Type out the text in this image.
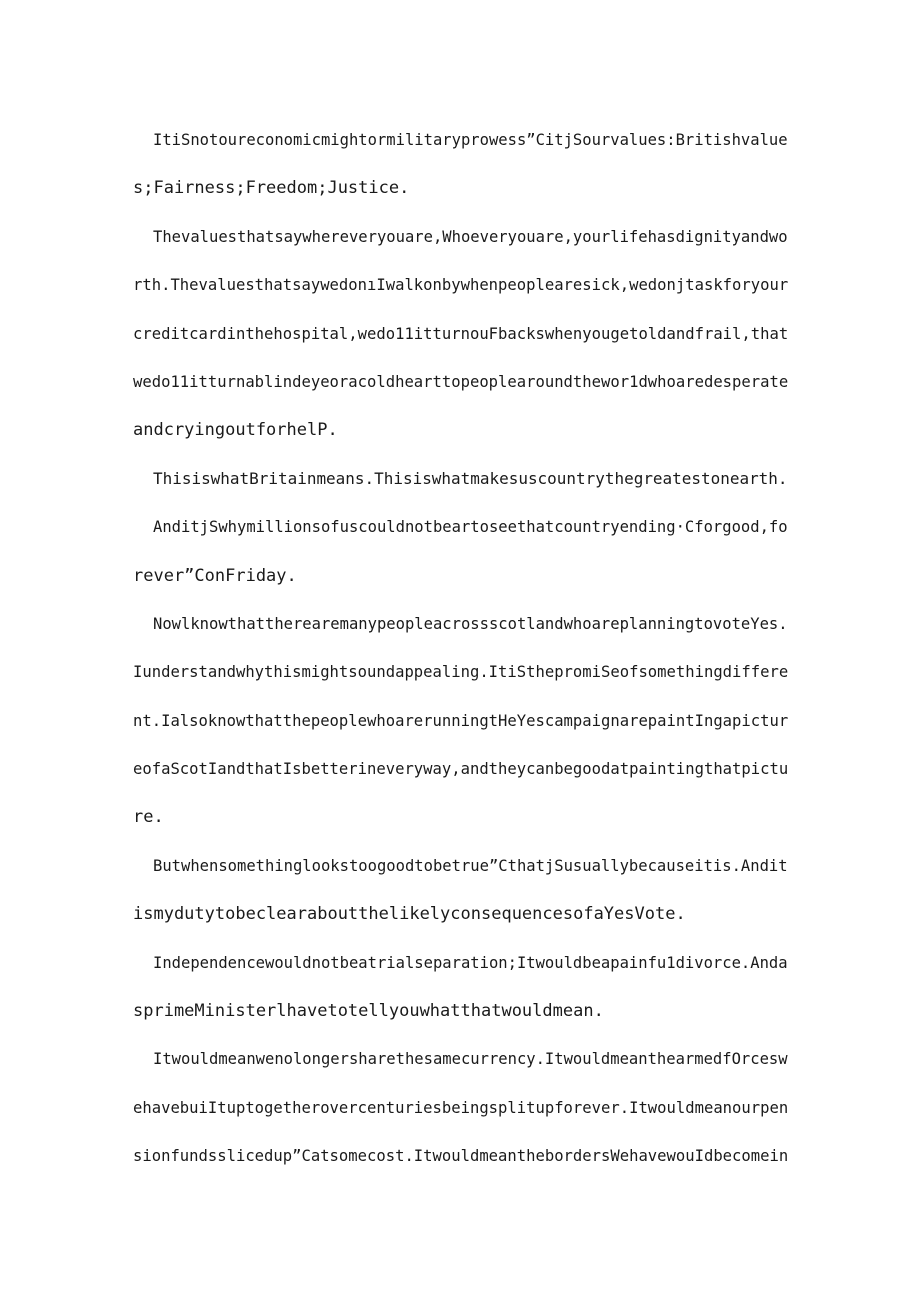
ItiSnotoureconomicmightormilitaryprowess”CitjSourvalues:Britishvalue
s;Fairness;Freedom;Justice.
Thevaluesthatsaywhereveryouare,Whoeveryouare,yourlifehasdignityandwo
rth.ThevaluesthatsaywedonıIwalkonbywhenpeoplearesick,wedonjtaskforyour
creditcardinthehospital,wedo11itturnouFbackswhenyougetoldandfrail,that
wedo11itturnablindeyeoracoldhearttopeoplearoundthewor1dwhoaredesperate
andcryingoutforhelP.
ThisiswhatBritainmeans.Thisiswhatmakesuscountrythegreatestonearth.
AnditjSwhymillionsofuscouldnotbeartoseethatcountryending·Cforgood,fo
rever”ConFriday.
NowlknowthattherearemanypeopleacrossscotlandwhoareplanningtovoteYes.
Iunderstandwhythismightsoundappealing.ItiSthepromiSeofsomethingdiffere
nt.IalsoknowthatthepeoplewhoarerunningtHeYescampaignarepaintIngapictur
eofaScotIandthatIsbetterineveryway,andtheycanbegoodatpaintingthatpictu
re.
Butwhensomethinglookstoogoodtobetrue”CthatjSusuallybecauseitis.Andit
ismydutytobeclearaboutthelikelyconsequencesofaYesVote.
Independencewouldnotbeatrialseparation;Itwouldbeapainfu1divorce.Anda
sprimeMinisterlhavetotellyouwhatthatwouldmean.
Itwouldmeanwenolongersharethesamecurrency.ItwouldmeanthearmedfOrcesw
ehavebuiItuptogetherovercenturiesbeingsplitupforever.Itwouldmeanourpen
sionfundsslicedup”Catsomecost.ItwouldmeanthebordersWehavewouIdbecomein
